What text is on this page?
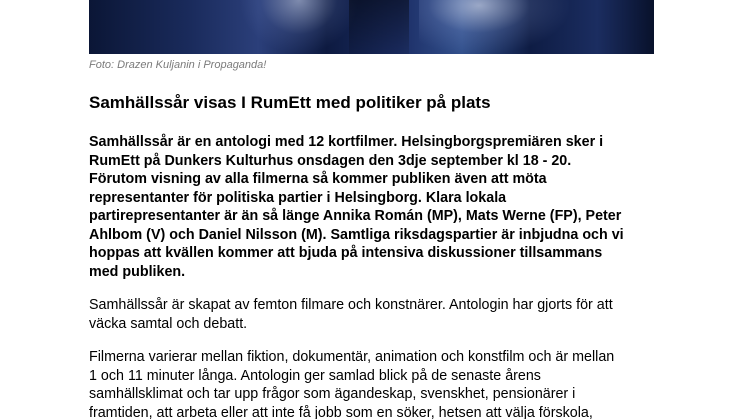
Foto: Drazen Kuljanin i Propaganda!
Samhällssår visas I RumEtt med politiker på plats
Samhällssår är en antologi med 12 kortfilmer. Helsingborgspremiären sker i
RumEtt på Dunkers Kulturhus onsdagen den 3dje september kl 18 - 20.
Förutom visning av alla filmerna så kommer publiken även att möta
representanter för politiska partier i Helsingborg. Klara lokala
partirepresentanter är än så länge Annika Román (MP), Mats Werne (FP), Peter
Ahlbom (V) och Daniel Nilsson (M). Samtliga riksdagspartier är inbjudna och vi
hoppas att kvällen kommer att bjuda på intensiva diskussioner tillsammans
med publiken.
Samhällssår är skapat av femton filmare och konstnärer. Antologin har gjorts för att
väcka samtal och debatt.
Filmerna varierar mellan fiktion, dokumentär, animation och konstfilm och är mellan
1 och 11 minuter långa. Antologin ger samlad blick på de senaste årens
samhällsklimat och tar upp frågor som ägandeskap, svenskhet, pensionärer i
framtiden, att arbeta eller att inte få jobb som en söker, hetsen att välja förskola,
